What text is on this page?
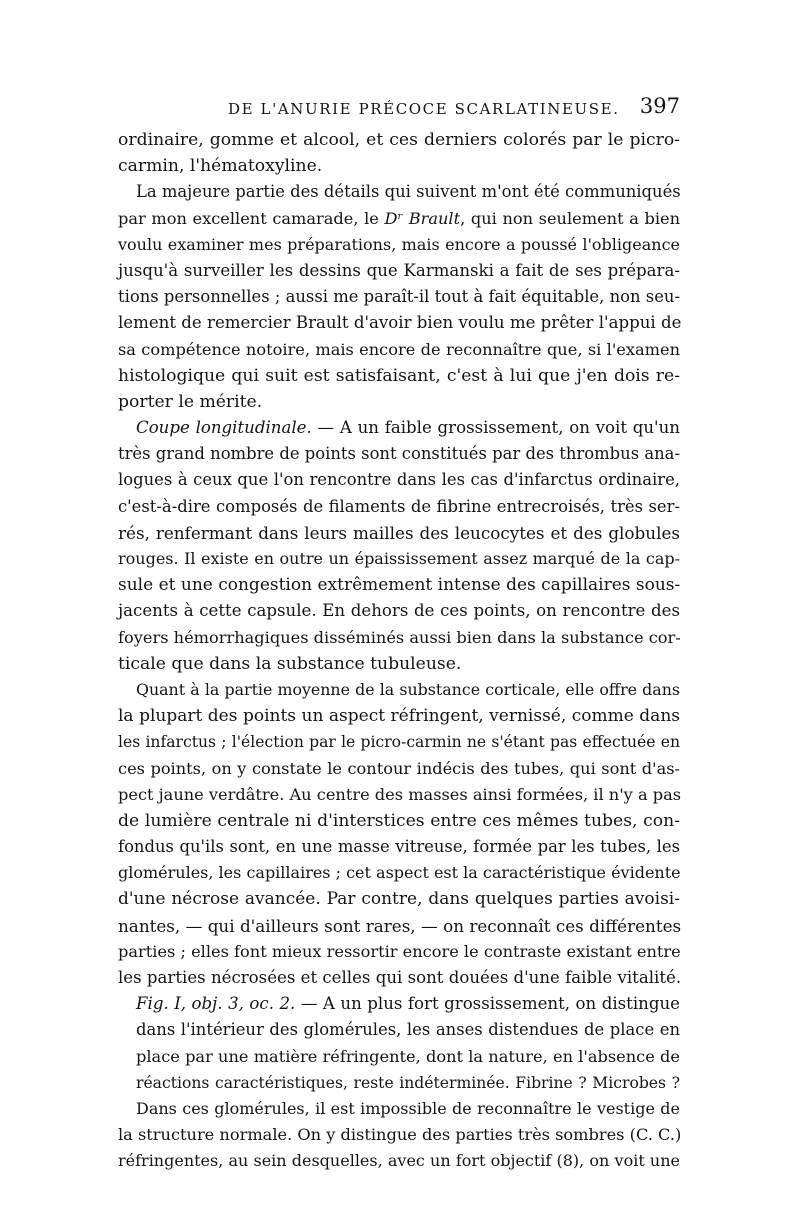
DE L'ANURIE PRÉCOCE SCARLATINEUSE. 397
ordinaire, gomme et alcool, et ces derniers colorés par le picro-
carmin, l'hématoxyline.
La majeure partie des détails qui suivent m'ont été communiqués
par mon excellent camarade, le Dʳ Brault, qui non seulement a bien
voulu examiner mes préparations, mais encore a poussé l'obligeance
jusqu'à surveiller les dessins que Karmanski a fait de ses prépara-
tions personnelles ; aussi me paraît-il tout à fait équitable, non seu-
lement de remercier Brault d'avoir bien voulu me prêter l'appui de
sa compétence notoire, mais encore de reconnaître que, si l'examen
histologique qui suit est satisfaisant, c'est à lui que j'en dois re-
porter le mérite.
Coupe longitudinale. — A un faible grossissement, on voit qu'un
très grand nombre de points sont constitués par des thrombus ana-
logues à ceux que l'on rencontre dans les cas d'infarctus ordinaire,
c'est-à-dire composés de filaments de fibrine entrecroisés, très ser-
rés, renfermant dans leurs mailles des leucocytes et des globules
rouges. Il existe en outre un épaississement assez marqué de la cap-
sule et une congestion extrêmement intense des capillaires sous-
jacents à cette capsule. En dehors de ces points, on rencontre des
foyers hémorrhagiques disséminés aussi bien dans la substance cor-
ticale que dans la substance tubuleuse.
Quant à la partie moyenne de la substance corticale, elle offre dans
la plupart des points un aspect réfringent, vernissé, comme dans
les infarctus ; l'élection par le picro-carmin ne s'étant pas effectuée en
ces points, on y constate le contour indécis des tubes, qui sont d'as-
pect jaune verdâtre. Au centre des masses ainsi formées, il n'y a pas
de lumière centrale ni d'interstices entre ces mêmes tubes, con-
fondus qu'ils sont, en une masse vitreuse, formée par les tubes, les
glomérules, les capillaires ; cet aspect est la caractéristique évidente
d'une nécrose avancée. Par contre, dans quelques parties avoisi-
nantes, — qui d'ailleurs sont rares, — on reconnaît ces différentes
parties ; elles font mieux ressortir encore le contraste existant entre
les parties nécrosées et celles qui sont douées d'une faible vitalité.
Fig. I, obj. 3, oc. 2. — A un plus fort grossissement, on distingue
dans l'intérieur des glomérules, les anses distendues de place en
place par une matière réfringente, dont la nature, en l'absence de
réactions caractéristiques, reste indéterminée. Fibrine ? Microbes ?
Dans ces glomérules, il est impossible de reconnaître le vestige de
la structure normale. On y distingue des parties très sombres (C. C.)
réfringentes, au sein desquelles, avec un fort objectif (8), on voit une
